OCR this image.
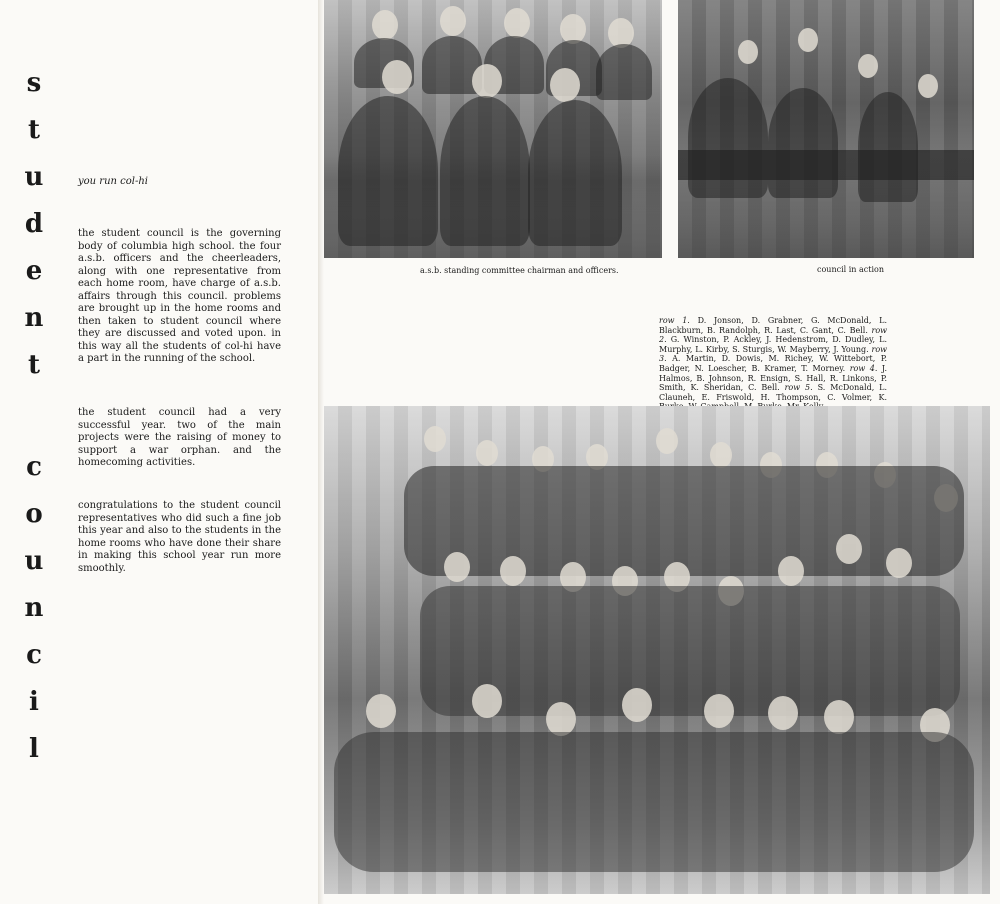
s
t
u
d
e
n
t
c
o
u
n
c
i
l

you run col-hi

the student council is the governing body of columbia high school. the four a.s.b. officers and the cheerleaders, along with one representative from each home room, have charge of a.s.b. affairs through this council. problems are brought up in the home rooms and then taken to student council where they are discussed and voted upon. in this way all the students of col-hi have a part in the running of the school.

the student council had a very successful year. two of the main projects were the raising of money to support a war orphan. and the homecoming activities.

congratulations to the student council representatives who did such a fine job this year and also to the students in the home rooms who have done their share in making this school year run more smoothly.

a.s.b. standing committee chairman and officers.	council in action

row 1. D. Jonson, D. Grabner, G. McDonald, L. Blackburn, B. Randolph, R. Last, C. Gant, C. Bell. row 2. G. Winston, P. Ackley, J. Hedenstrom, D. Dudley, L. Murphy, L. Kirby, S. Sturgis, W. Mayberry, J. Young. row 3. A. Martin, D. Dowis, M. Richey, W. Wittebort, P. Badger, N. Loescher, B. Kramer, T. Morney. row 4. J. Halmos, B. Johnson, R. Ensign, S. Hall, R. Linkons, P. Smith, K. Sheridan, C. Bell. row 5. S. McDonald, L. Clauneh, E. Friswold, H. Thompson, C. Volmer, K.
